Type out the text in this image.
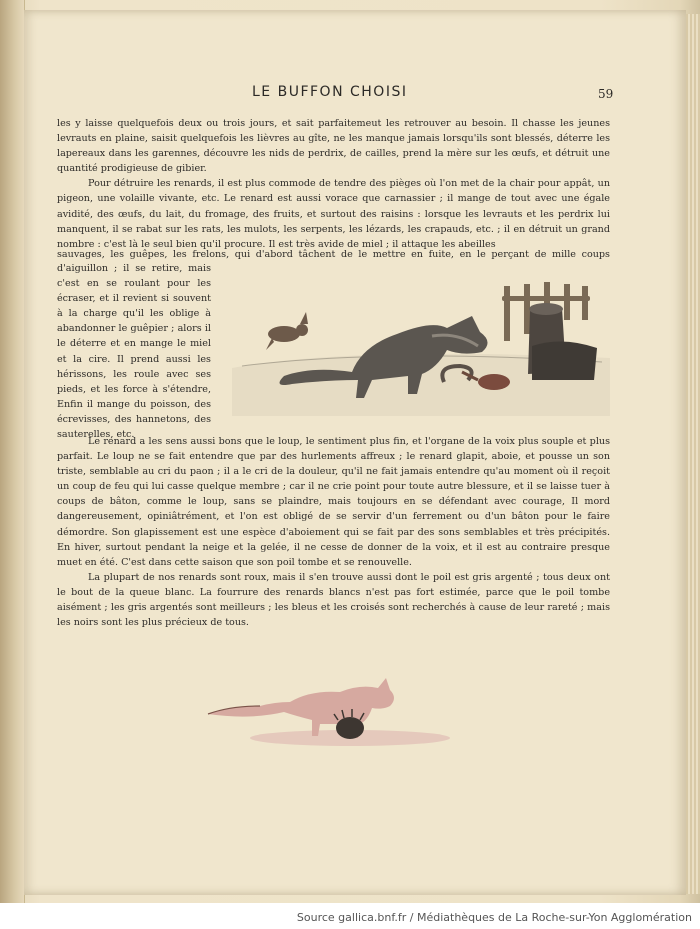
LE BUFFON CHOISI	59

les y laisse quelquefois deux ou trois jours, et sait parfaitemeut les retrouver au besoin. Il chasse les jeunes levrauts en plaine, saisit quelquefois les lièvres au gîte, ne les manque jamais lorsqu'ils sont blessés, déterre les lapereaux dans les garennes, découvre les nids de perdrix, de cailles, prend la mère sur les œufs, et détruit une quantité prodigieuse de gibier.

Pour détruire les renards, il est plus commode de tendre des pièges où l'on met de la chair pour appât, un pigeon, une volaille vivante, etc. Le renard est aussi vorace que carnassier ; il mange de tout avec une égale avidité, des œufs, du lait, du fromage, des fruits, et surtout des raisins : lorsque les levrauts et les perdrix lui manquent, il se rabat sur les rats, les mulots, les serpents, les lézards, les crapauds, etc. ; il en détruit un grand nombre : c'est là le seul bien qu'il procure. Il est très avide de miel ; il attaque les abeilles

sauvages, les guêpes, les frelons, qui d'abord tâchent de le mettre en fuite, en le perçant de mille coups
d'aiguillon ; il se retire, mais c'est en se roulant pour les écraser, et il revient si souvent à la charge qu'il les oblige à abandonner le guêpier ; alors il le déterre et en mange le miel et la cire. Il prend aussi les hérissons, les roule avec ses pieds, et les force à s'étendre, Enfin il mange du poisson, des écrevisses, des hannetons, des sauterelles, etc.

Le renard a les sens aussi bons que le loup, le sentiment plus fin, et l'organe de la voix plus souple et plus parfait. Le loup ne se fait entendre que par des hurlements affreux ; le renard glapit, aboie, et pousse un son triste, semblable au cri du paon ; il a le cri de la douleur, qu'il ne fait jamais entendre qu'au moment où il reçoit un coup de feu qui lui casse quelque membre ; car il ne crie point pour toute autre blessure, et il se laisse tuer à coups de bâton, comme le loup, sans se plaindre, mais toujours en se défendant avec courage, Il mord dangereusement, opiniâtrément, et l'on est obligé de se servir d'un ferrement ou d'un bâton pour le faire démordre. Son glapissement est une espèce d'aboiement qui se fait par des sons semblables et très précipités. En hiver, surtout pendant la neige et la gelée, il ne cesse de donner de la voix, et il est au contraire presque muet en été. C'est dans cette saison que son poil tombe et se renouvelle.

La plupart de nos renards sont roux, mais il s'en trouve aussi dont le poil est gris argenté ; tous deux ont le bout de la queue blanc. La fourrure des renards blancs n'est pas fort estimée, parce que le poil tombe aisément ; les gris argentés sont meilleurs ; les bleus et les croisés sont recherchés à cause de leur rareté ; mais les noirs sont les plus précieux de tous.

Source gallica.bnf.fr / Médiathèques de La Roche-sur-Yon Agglomération
